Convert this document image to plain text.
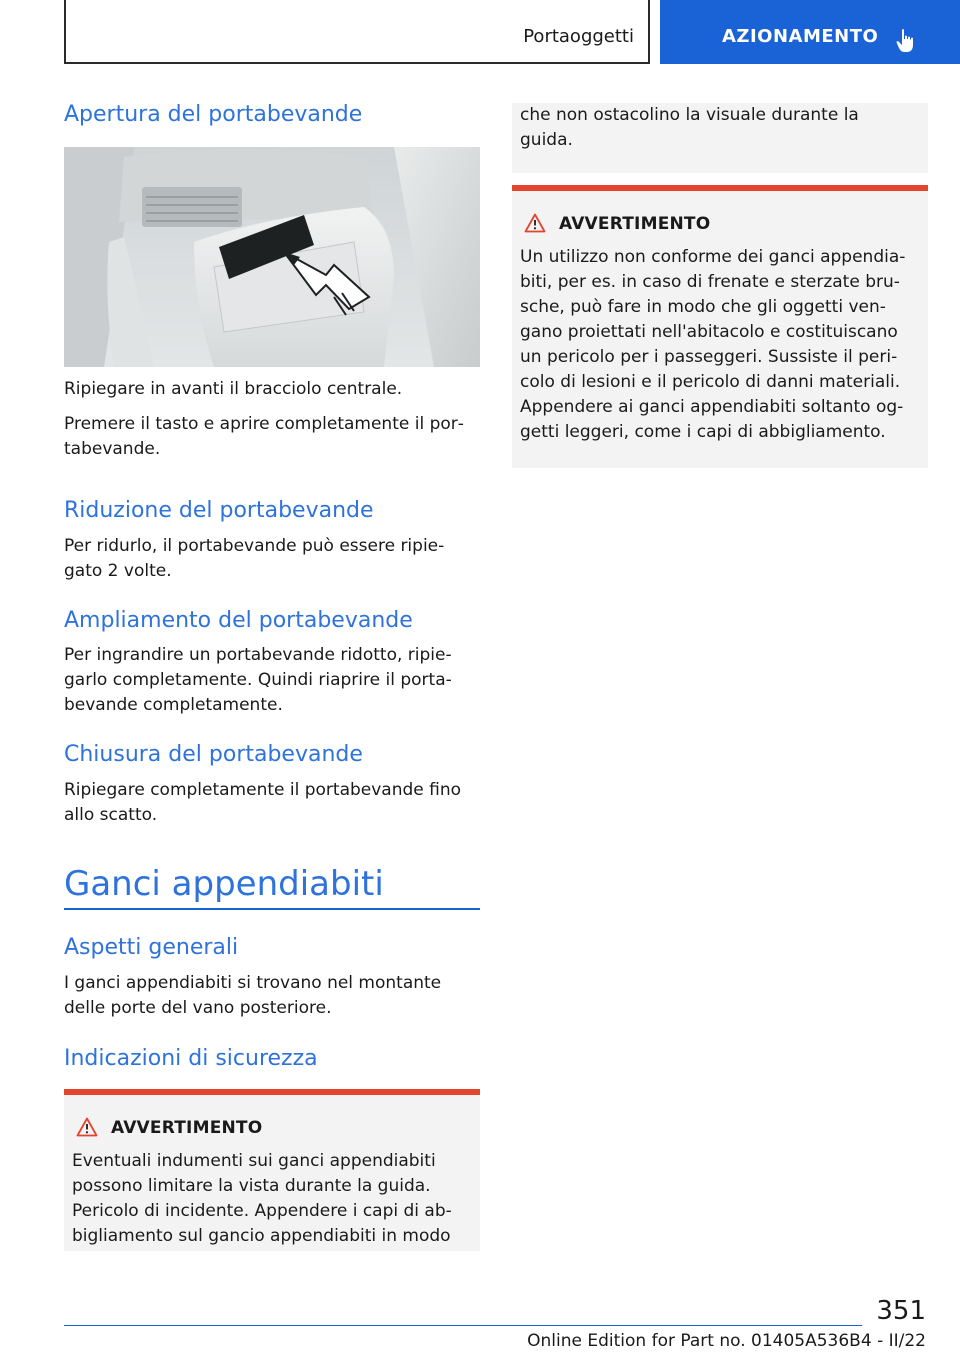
Portaoggetti	AZIONAMENTO
Apertura del portabevande
Ripiegare in avanti il bracciolo centrale.
Premere il tasto e aprire completamente il por‐
tabevande.
Riduzione del portabevande
Per ridurlo, il portabevande può essere ripie‐
gato 2 volte.
Ampliamento del portabevande
Per ingrandire un portabevande ridotto, ripie‐
garlo completamente. Quindi riaprire il porta‐
bevande completamente.
Chiusura del portabevande
Ripiegare completamente il portabevande fino
allo scatto.
Ganci appendiabiti
Aspetti generali
I ganci appendiabiti si trovano nel montante
delle porte del vano posteriore.
Indicazioni di sicurezza
AVVERTIMENTO
Eventuali indumenti sui ganci appendiabiti
possono limitare la vista durante la guida.
Pericolo di incidente. Appendere i capi di ab‐
bigliamento sul gancio appendiabiti in modo
che non ostacolino la visuale durante la
guida.
AVVERTIMENTO
Un utilizzo non conforme dei ganci appendia‐
biti, per es. in caso di frenate e sterzate bru‐
sche, può fare in modo che gli oggetti ven‐
gano proiettati nell'abitacolo e costituiscano
un pericolo per i passeggeri. Sussiste il peri‐
colo di lesioni e il pericolo di danni materiali.
Appendere ai ganci appendiabiti soltanto og‐
getti leggeri, come i capi di abbigliamento.
351
Online Edition for Part no. 01405A536B4 - II/22
